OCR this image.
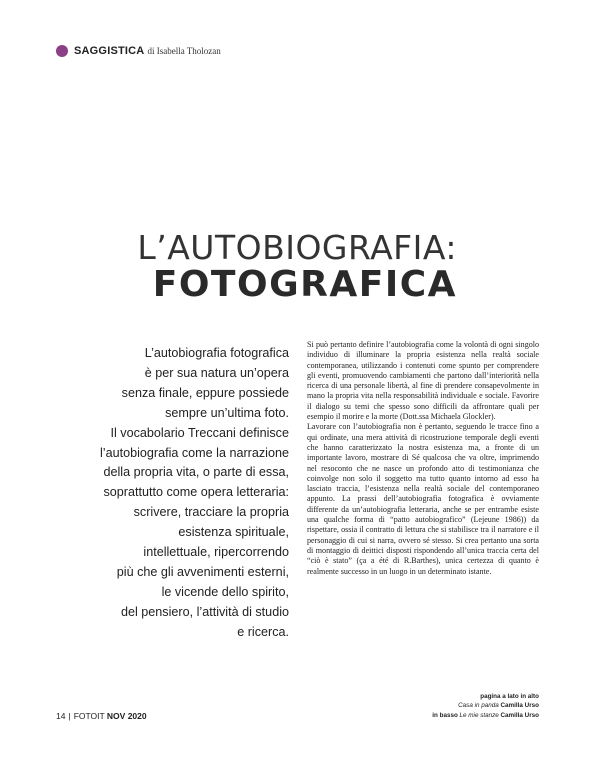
SAGGISTICA di Isabella Tholozan
L’AUTOBIOGRAFIA:
FOTOGRAFICA
L’autobiografia fotografica
è per sua natura un’opera
senza finale, eppure possiede
sempre un’ultima foto.
Il vocabolario Treccani definisce
l’autobiografia come la narrazione
della propria vita, o parte di essa,
soprattutto come opera letteraria:
scrivere, tracciare la propria
esistenza spirituale,
intellettuale, ripercorrendo
più che gli avvenimenti esterni,
le vicende dello spirito,
del pensiero, l’attività di studio
e ricerca.

Si può pertanto definire l’autobiografia come la volontà di ogni singolo individuo di illuminare la propria esistenza nella realtà sociale contemporanea, utilizzando i contenuti come spunto per comprendere gli eventi, promuovendo cambiamenti che partono dall’interiorità nella ricerca di una personale libertà, al fine di prendere consapevolmente in mano la propria vita nella responsabilità individuale e sociale. Favorire il dialogo su temi che spesso sono difficili da affrontare quali per esempio il morire e la morte (Dott.ssa Michaela Glockler).

Lavorare con l’autobiografia non è pertanto, seguendo le tracce fino a qui ordinate, una mera attività di ricostruzione temporale degli eventi che hanno caratterizzato la nostra esistenza ma, a fronte di un importante lavoro, mostrare di Sé qualcosa che va oltre, imprimendo nel resoconto che ne nasce un profondo atto di testimonianza che coinvolge non solo il soggetto ma tutto quanto intorno ad esso ha lasciato traccia, l’esistenza nella realtà sociale del contemporaneo appunto. La prassi dell’autobiografia fotografica è ovviamente differente da un’autobiografia letteraria, anche se per entrambe esiste una qualche forma di “patto autobiografico” (Lejeune 1986)) da rispettare, ossia il contratto di lettura che si stabilisce tra il narratore e il personaggio di cui si narra, ovvero sé stesso. Si crea pertanto una sorta di montaggio di deittici disposti rispondendo all’unica traccia certa del “ciò è stato” (ça a été di R.Barthes), unica certezza di quanto è realmente successo in un luogo in un determinato istante.

pagina a lato in alto
Casa in panda Camilla Urso
in basso Le mie stanze Camilla Urso
14 | FOTOIT NOV 2020
